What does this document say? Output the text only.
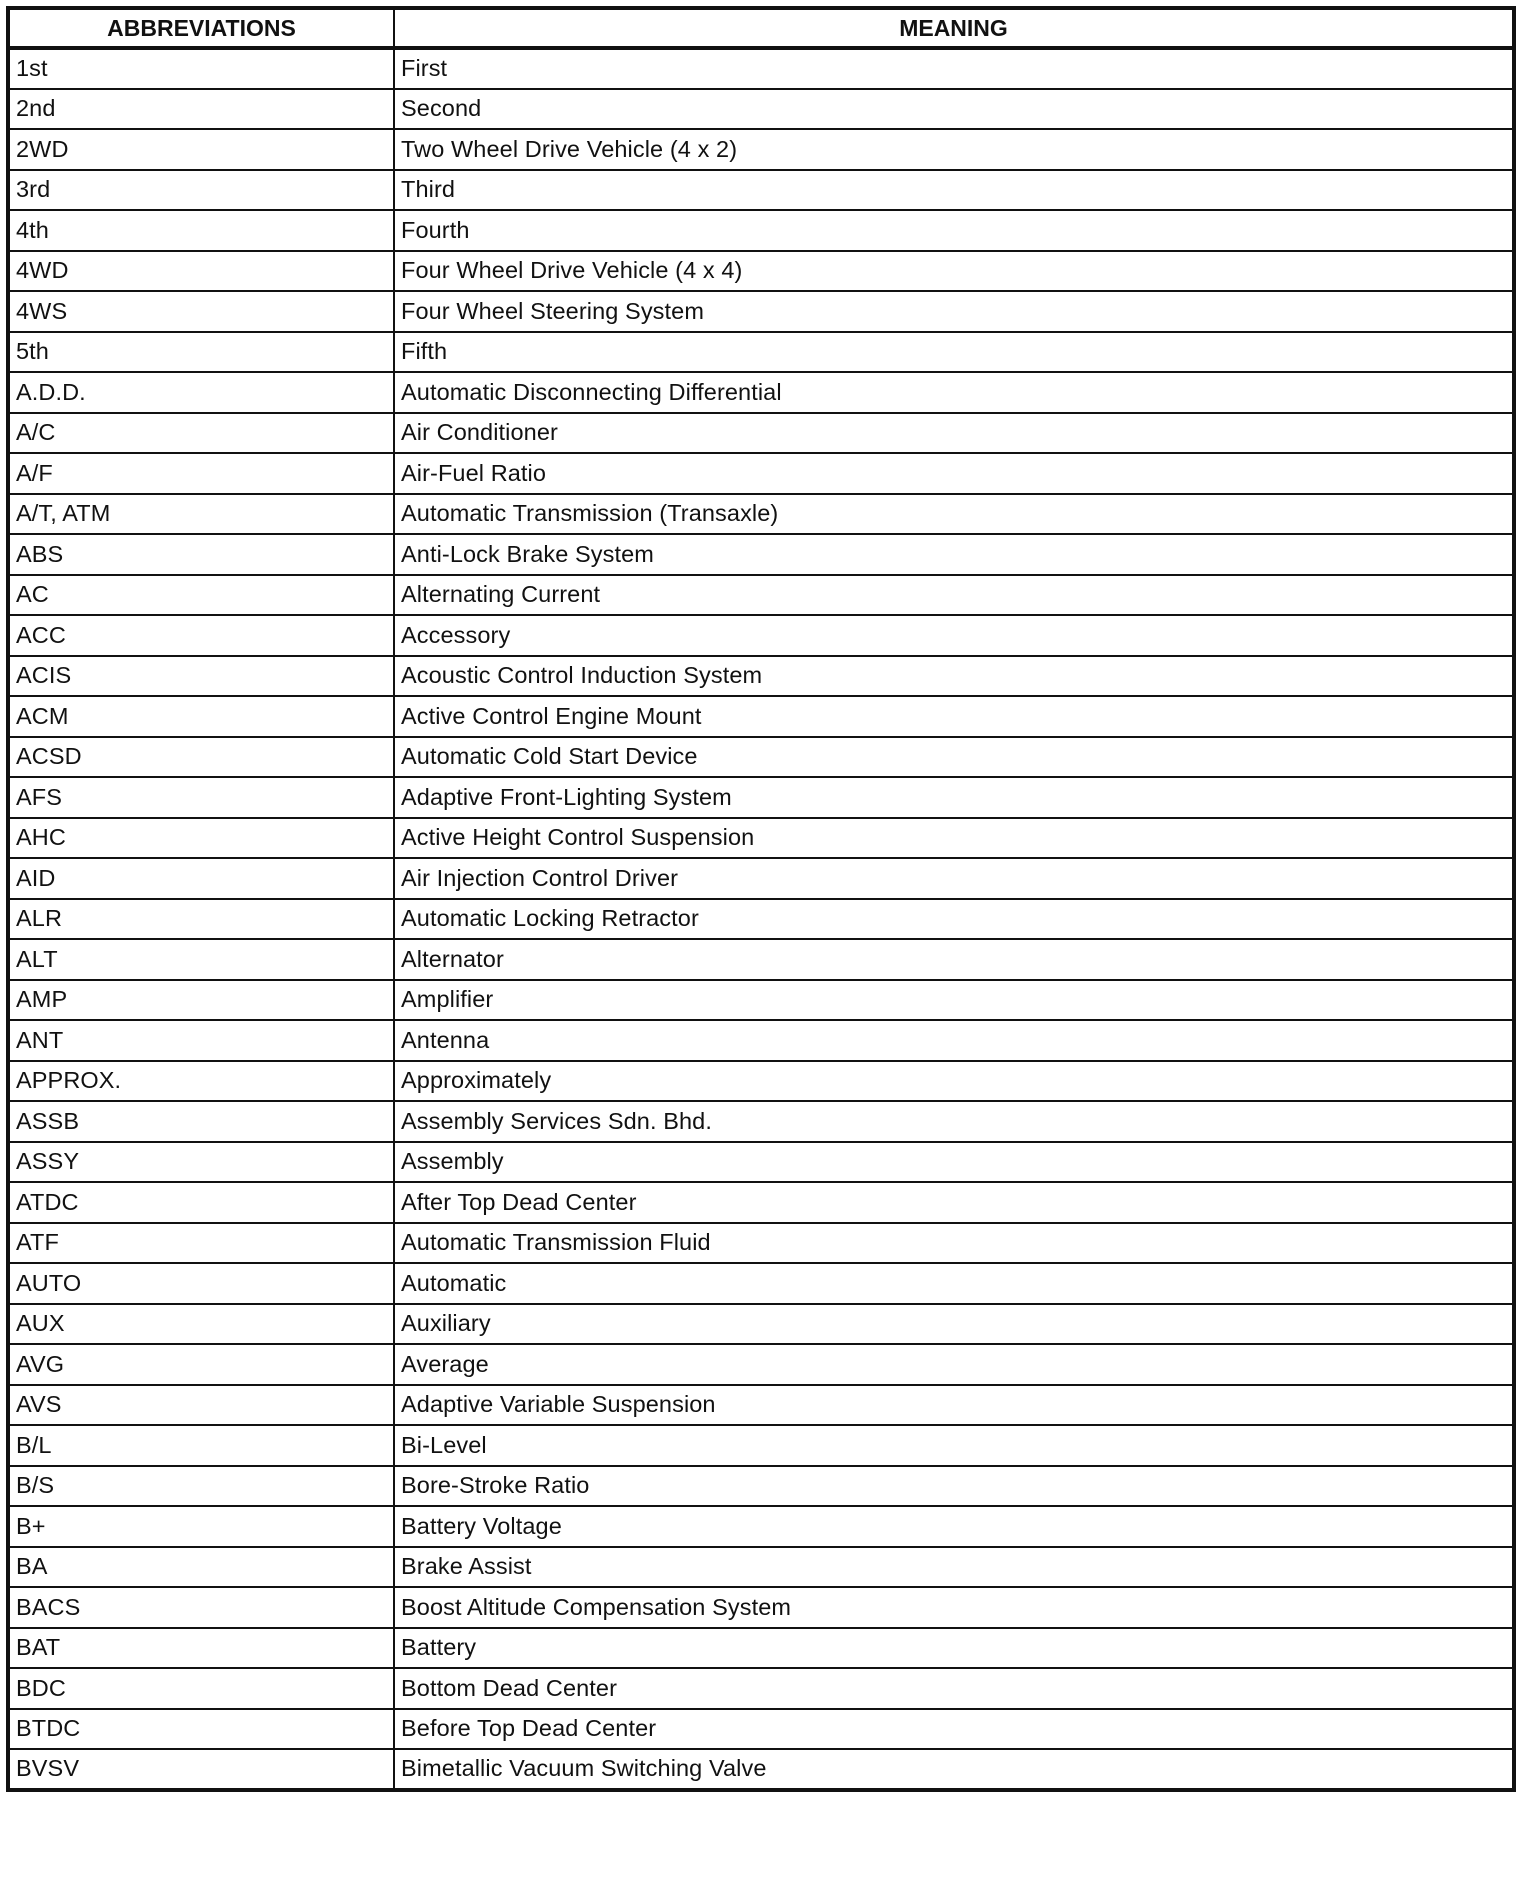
ABBREVIATIONS	MEANING
1st	First
2nd	Second
2WD	Two Wheel Drive Vehicle (4 x 2)
3rd	Third
4th	Fourth
4WD	Four Wheel Drive Vehicle (4 x 4)
4WS	Four Wheel Steering System
5th	Fifth
A.D.D.	Automatic Disconnecting Differential
A/C	Air Conditioner
A/F	Air-Fuel Ratio
A/T, ATM	Automatic Transmission (Transaxle)
ABS	Anti-Lock Brake System
AC	Alternating Current
ACC	Accessory
ACIS	Acoustic Control Induction System
ACM	Active Control Engine Mount
ACSD	Automatic Cold Start Device
AFS	Adaptive Front-Lighting System
AHC	Active Height Control Suspension
AID	Air Injection Control Driver
ALR	Automatic Locking Retractor
ALT	Alternator
AMP	Amplifier
ANT	Antenna
APPROX.	Approximately
ASSB	Assembly Services Sdn. Bhd.
ASSY	Assembly
ATDC	After Top Dead Center
ATF	Automatic Transmission Fluid
AUTO	Automatic
AUX	Auxiliary
AVG	Average
AVS	Adaptive Variable Suspension
B/L	Bi-Level
B/S	Bore-Stroke Ratio
B+	Battery Voltage
BA	Brake Assist
BACS	Boost Altitude Compensation System
BAT	Battery
BDC	Bottom Dead Center
BTDC	Before Top Dead Center
BVSV	Bimetallic Vacuum Switching Valve
